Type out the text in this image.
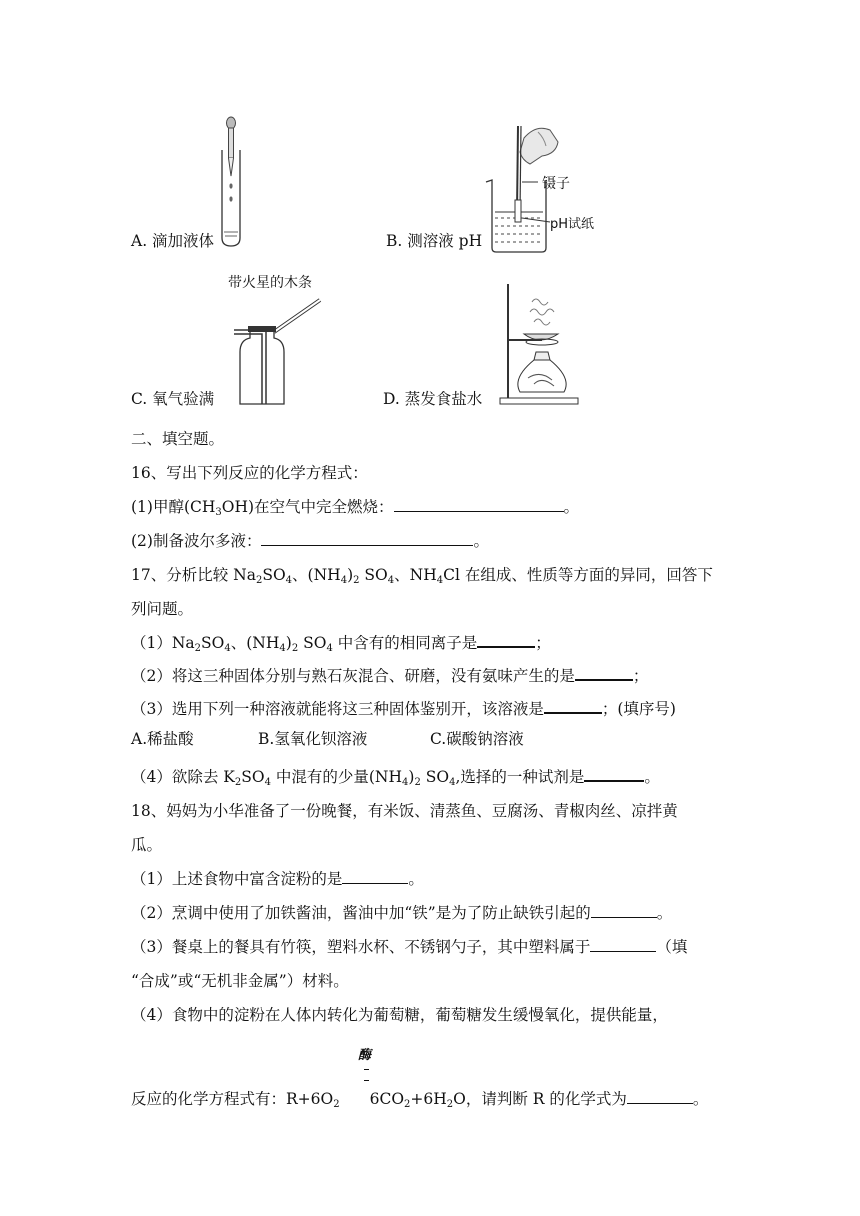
A. 滴加液体
镊子
pH试纸
B. 测溶液 pH
带火星的木条
C. 氧气验满	D. 蒸发食盐水
二、填空题。
16、写出下列反应的化学方程式：
(1)甲醇$(CH_3OH)$在空气中完全燃烧：	。
(2)制备波尔多液：	。
17、分析比较 $Na_2SO_4$、$(NH_4)_2$ $SO_4$、$NH_4Cl$ 在组成、性质等方面的异同，回答下
列问题。
$(1)Na_2SO_4$、$(NH_4)_2$ $SO_4$ 中含有的相同离子是	；
（2）将这三种固体分别与熟石灰混合、研磨，没有氨味产生的是	；
（3）选用下列一种溶液就能将这三种固体鉴别开，该溶液是	；(填序号)
A.稀盐酸	B.氢氧化钡溶液	C.碳酸钠溶液
（4）欲除去 $K_2SO_4$ 中混有的少量$(NH_4)_2$ $SO_4$,选择的一种试剂是	。
18、妈妈为小华准备了一份晚餐，有米饭、清蒸鱼、豆腐汤、青椒肉丝、凉拌黄
瓜。
（1）上述食物中富含淀粉的是	。
（2）烹调中使用了加铁酱油，酱油中加“铁”是为了防止缺铁引起的	。
（3）餐桌上的餐具有竹筷，塑料水杯、不锈钢勺子，其中塑料属于	（填
“合成”或“无机非金属”）材料。
（4）食物中的淀粉在人体内转化为葡萄糖，葡萄糖发生缓慢氧化，提供能量，
酶
反应的化学方程式有：$R+6O_2$ $6CO_2+6H_2O$，请判断 R 的化学式为	。
